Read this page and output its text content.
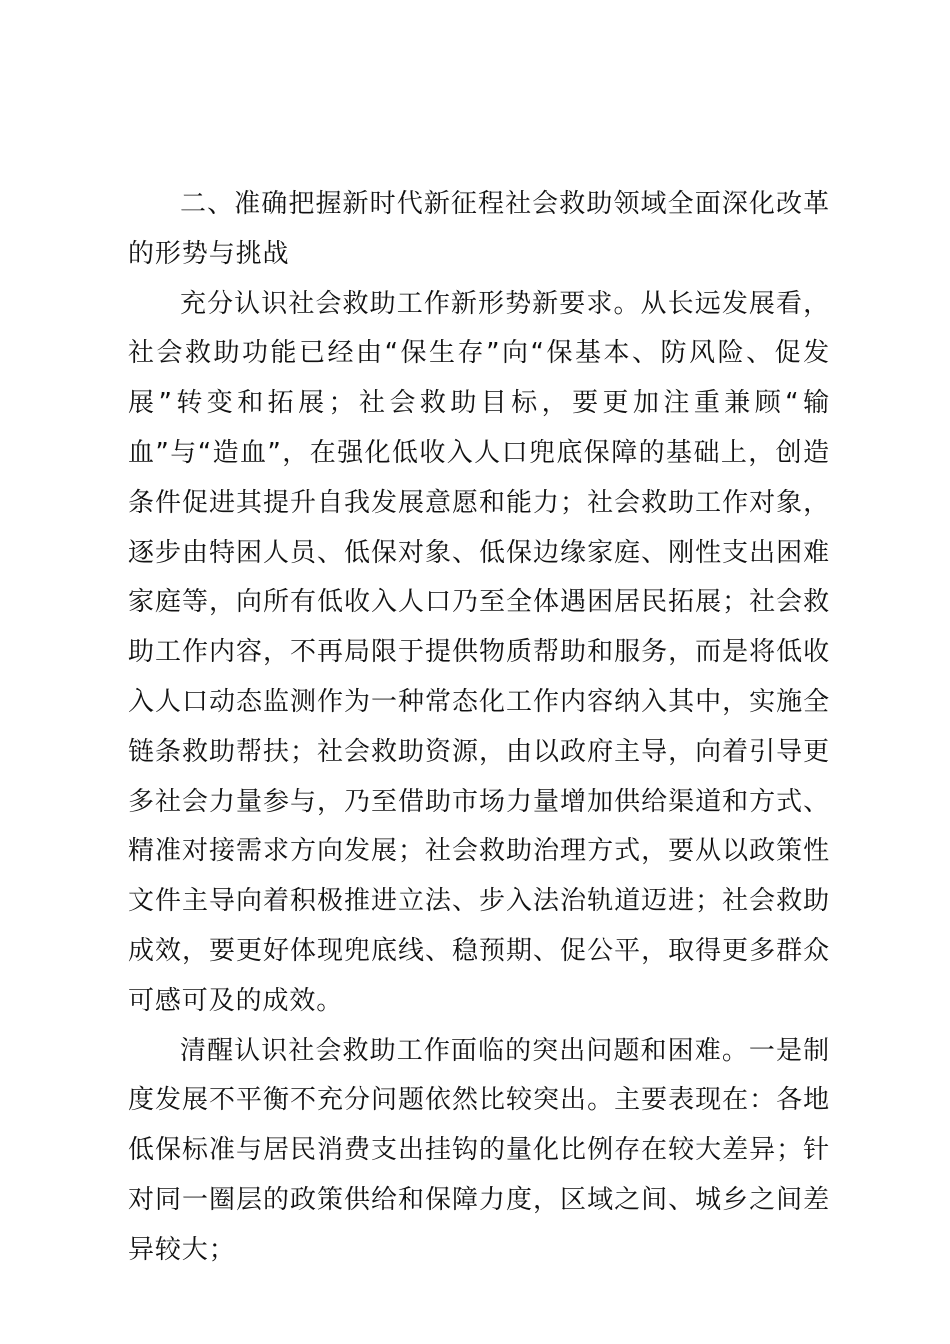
二、准确把握新时代新征程社会救助领域全面深化改革的形势与挑战

充分认识社会救助工作新形势新要求。从长远发展看，社会救助功能已经由“保生存”向“保基本、防风险、促发展”转变和拓展；社会救助目标，要更加注重兼顾“输血”与“造血”，在强化低收入人口兜底保障的基础上，创造条件促进其提升自我发展意愿和能力；社会救助工作对象，逐步由特困人员、低保对象、低保边缘家庭、刚性支出困难家庭等，向所有低收入人口乃至全体遇困居民拓展；社会救助工作内容，不再局限于提供物质帮助和服务，而是将低收入人口动态监测作为一种常态化工作内容纳入其中，实施全链条救助帮扶；社会救助资源，由以政府主导，向着引导更多社会力量参与，乃至借助市场力量增加供给渠道和方式、精准对接需求方向发展；社会救助治理方式，要从以政策性文件主导向着积极推进立法、步入法治轨道迈进；社会救助成效，要更好体现兜底线、稳预期、促公平，取得更多群众可感可及的成效。

清醒认识社会救助工作面临的突出问题和困难。一是制度发展不平衡不充分问题依然比较突出。主要表现在：各地低保标准与居民消费支出挂钩的量化比例存在较大差异；针对同一圈层的政策供给和保障力度，区域之间、城乡之间差异较大；
